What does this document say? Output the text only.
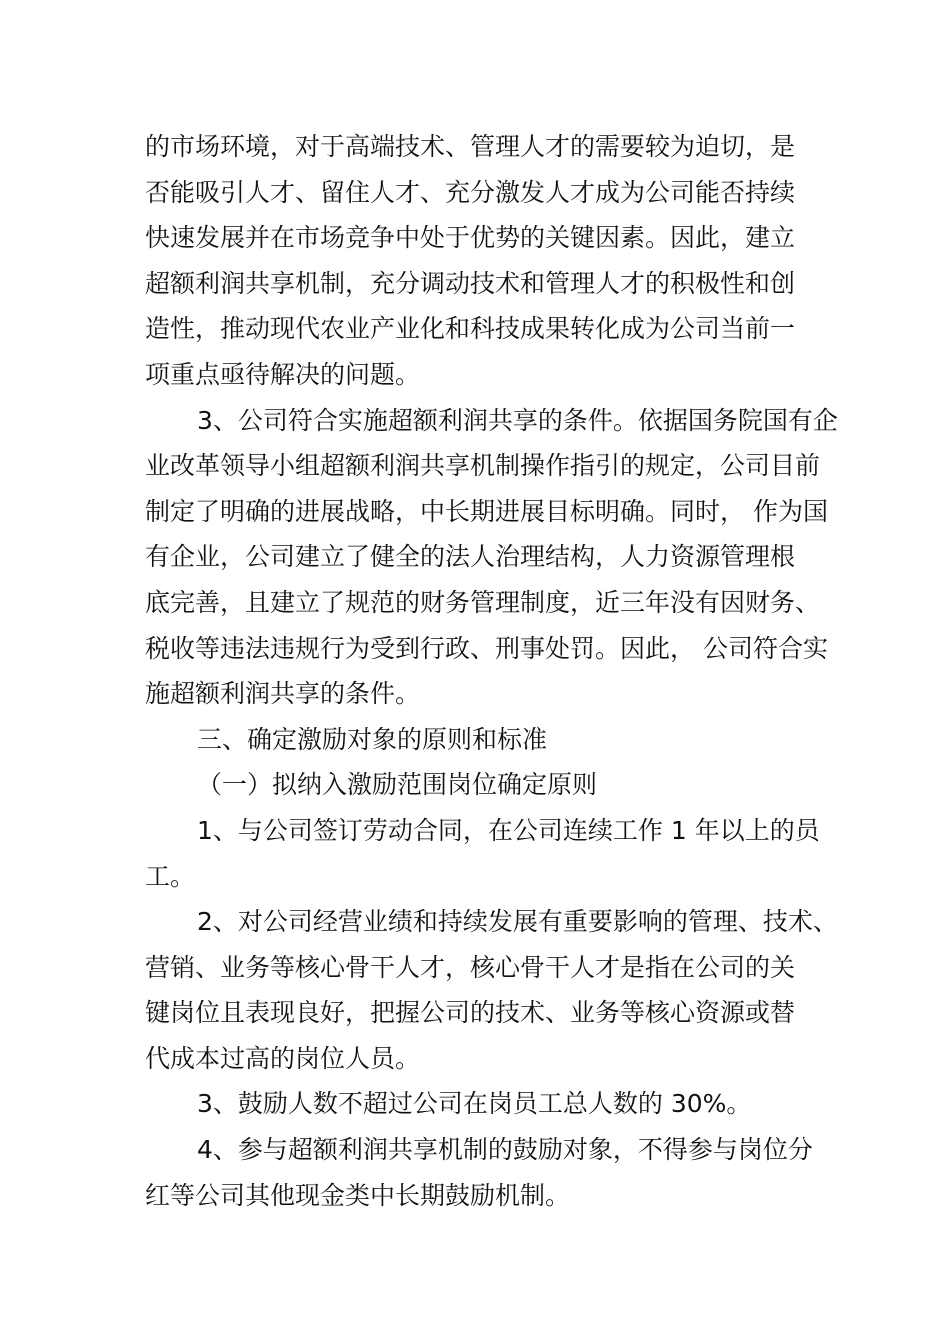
的市场环境，对于高端技术、管理人才的需要较为迫切，是
否能吸引人才、留住人才、充分激发人才成为公司能否持续
快速发展并在市场竞争中处于优势的关键因素。因此，建立
超额利润共享机制，充分调动技术和管理人才的积极性和创
造性，推动现代农业产业化和科技成果转化成为公司当前一
项重点亟待解决的问题。
3、公司符合实施超额利润共享的条件。依据国务院国有企
业改革领导小组超额利润共享机制操作指引的规定，公司目前
制定了明确的进展战略，中长期进展目标明确。同时， 作为国
有企业，公司建立了健全的法人治理结构，人力资源管理根
底完善，且建立了规范的财务管理制度，近三年没有因财务、
税收等违法违规行为受到行政、刑事处罚。因此， 公司符合实
施超额利润共享的条件。
三、确定激励对象的原则和标准
（一）拟纳入激励范围岗位确定原则
1、与公司签订劳动合同，在公司连续工作 1 年以上的员
工。
2、对公司经营业绩和持续发展有重要影响的管理、技术、
营销、业务等核心骨干人才，核心骨干人才是指在公司的关
键岗位且表现良好，把握公司的技术、业务等核心资源或替
代成本过高的岗位人员。
3、鼓励人数不超过公司在岗员工总人数的 30%。
4、参与超额利润共享机制的鼓励对象，不得参与岗位分
红等公司其他现金类中长期鼓励机制。
